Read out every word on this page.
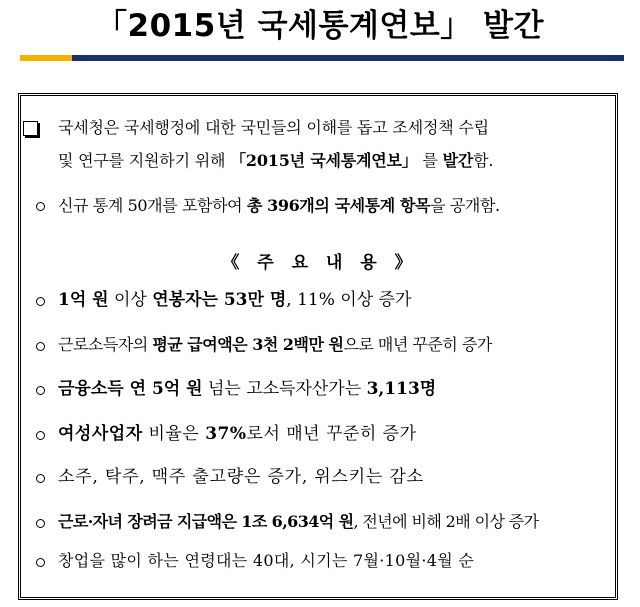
「2015년 국세통계연보」 발간
국세청은 국세행정에 대한 국민들의 이해를 돕고 조세정책 수립
및 연구를 지원하기 위해 「2015년 국세통계연보」 를 발간함.
신규 통계 50개를 포함하여 총 396개의 국세통계 항목을 공개함.
《 주 요 내 용 》
1억 원 이상 연봉자는 53만 명, 11% 이상 증가
근로소득자의 평균 급여액은 3천 2백만 원으로 매년 꾸준히 증가
금융소득 연 5억 원 넘는 고소득자산가는 3,113명
여성사업자 비율은 37%로서 매년 꾸준히 증가
소주, 탁주, 맥주 출고량은 증가, 위스키는 감소
근로·자녀 장려금 지급액은 1조 6,634억 원, 전년에 비해 2배 이상 증가
창업을 많이 하는 연령대는 40대, 시기는 7월·10월·4월 순
